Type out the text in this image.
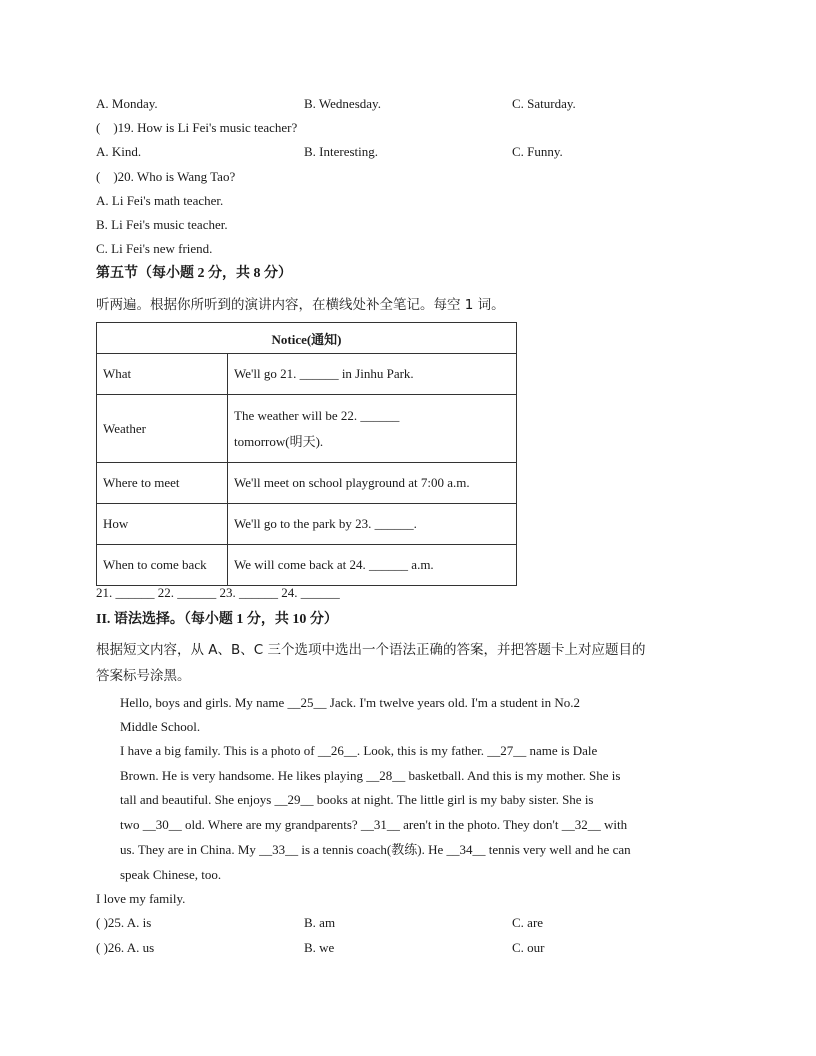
A. Monday.	B. Wednesday.	C. Saturday.
(    )19. How is Li Fei's music teacher?
A. Kind.	B. Interesting.	C. Funny.
(    )20. Who is Wang Tao?
A. Li Fei's math teacher.
B. Li Fei's music teacher.
C. Li Fei's new friend.
第五节（每小题 2 分，共 8 分）
听两遍。根据你所听到的演讲内容，在横线处补全笔记。每空 1 词。
Notice(通知)	
What	We'll go 21. ______ in Jinhu Park.
Weather	The weather will be 22. ______
tomorrow(明天).

Where to meet	We'll meet on school playground at 7:00 a.m.
How	We'll go to the park by 23. ______.
When to come back	We will come back at 24. ______ a.m.
21. ______ 22. ______ 23. ______ 24. ______
II. 语法选择。（每小题 1 分，共 10 分）
根据短文内容，从 A、B、C 三个选项中选出一个语法正确的答案，并把答题卡上对应题目的
答案标号涂黑。
Hello, boys and girls. My name __25__ Jack. I'm twelve years old. I'm a student in No.2
Middle School.
I have a big family. This is a photo of __26__. Look, this is my father. __27__ name is Dale
Brown. He is very handsome. He likes playing __28__ basketball. And this is my mother. She is
tall and beautiful. She enjoys __29__ books at night. The little girl is my baby sister. She is
two __30__ old. Where are my grandparents? __31__ aren't in the photo. They don't __32__ with
us. They are in China. My __33__ is a tennis coach(教练). He __34__ tennis very well and he can
speak Chinese, too.
I love my family.
( )25. A. is	B. am	C. are
( )26. A. us	B. we	C. our
